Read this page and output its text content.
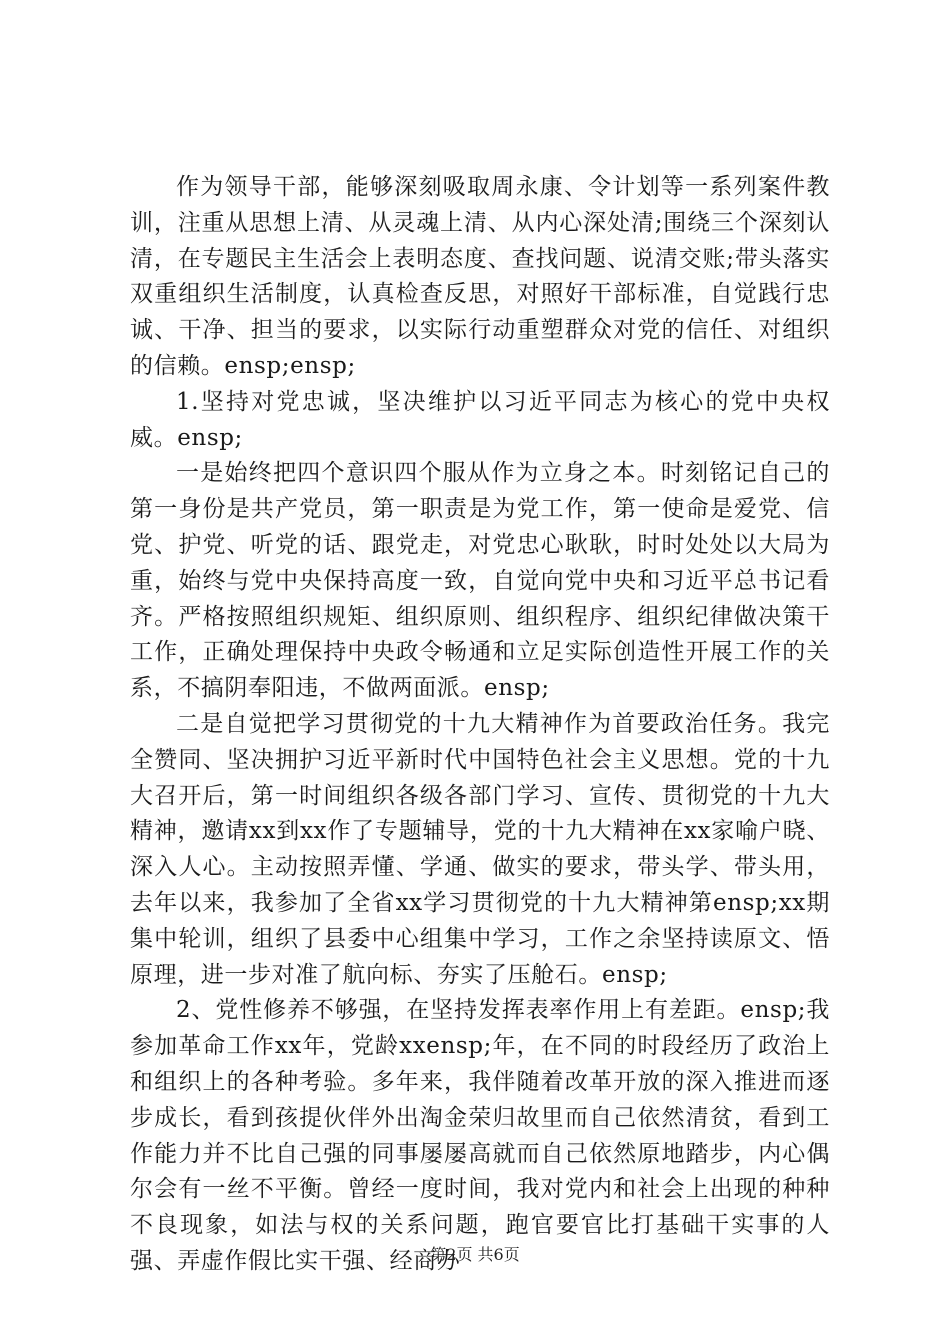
作为领导干部，能够深刻吸取周永康、令计划等一系列案件教训，注重从思想上清、从灵魂上清、从内心深处清;围绕三个深刻认清，在专题民主生活会上表明态度、查找问题、说清交账;带头落实双重组织生活制度，认真检查反思，对照好干部标准，自觉践行忠诚、干净、担当的要求，以实际行动重塑群众对党的信任、对组织的信赖。ensp;ensp;

1.坚持对党忠诚，坚决维护以习近平同志为核心的党中央权威。ensp;

一是始终把四个意识四个服从作为立身之本。时刻铭记自己的第一身份是共产党员，第一职责是为党工作，第一使命是爱党、信党、护党、听党的话、跟党走，对党忠心耿耿，时时处处以大局为重，始终与党中央保持高度一致，自觉向党中央和习近平总书记看齐。严格按照组织规矩、组织原则、组织程序、组织纪律做决策干工作，正确处理保持中央政令畅通和立足实际创造性开展工作的关系，不搞阴奉阳违，不做两面派。ensp;

二是自觉把学习贯彻党的十九大精神作为首要政治任务。我完全赞同、坚决拥护习近平新时代中国特色社会主义思想。党的十九大召开后，第一时间组织各级各部门学习、宣传、贯彻党的十九大精神，邀请xx到xx作了专题辅导，党的十九大精神在xx家喻户晓、深入人心。主动按照弄懂、学通、做实的要求，带头学、带头用，去年以来，我参加了全省xx学习贯彻党的十九大精神第ensp;xx期集中轮训，组织了县委中心组集中学习，工作之余坚持读原文、悟原理，进一步对准了航向标、夯实了压舱石。ensp;

2、党性修养不够强，在坚持发挥表率作用上有差距。ensp;我参加革命工作xx年，党龄xxensp;年，在不同的时段经历了政治上和组织上的各种考验。多年来，我伴随着改革开放的深入推进而逐步成长，看到孩提伙伴外出淘金荣归故里而自己依然清贫，看到工作能力并不比自己强的同事屡屡高就而自己依然原地踏步，内心偶尔会有一丝不平衡。曾经一度时间，我对党内和社会上出现的种种不良现象，如法与权的关系问题，跑官要官比打基础干实事的人强、弄虚作假比实干强、经商办

第2页 共6页
